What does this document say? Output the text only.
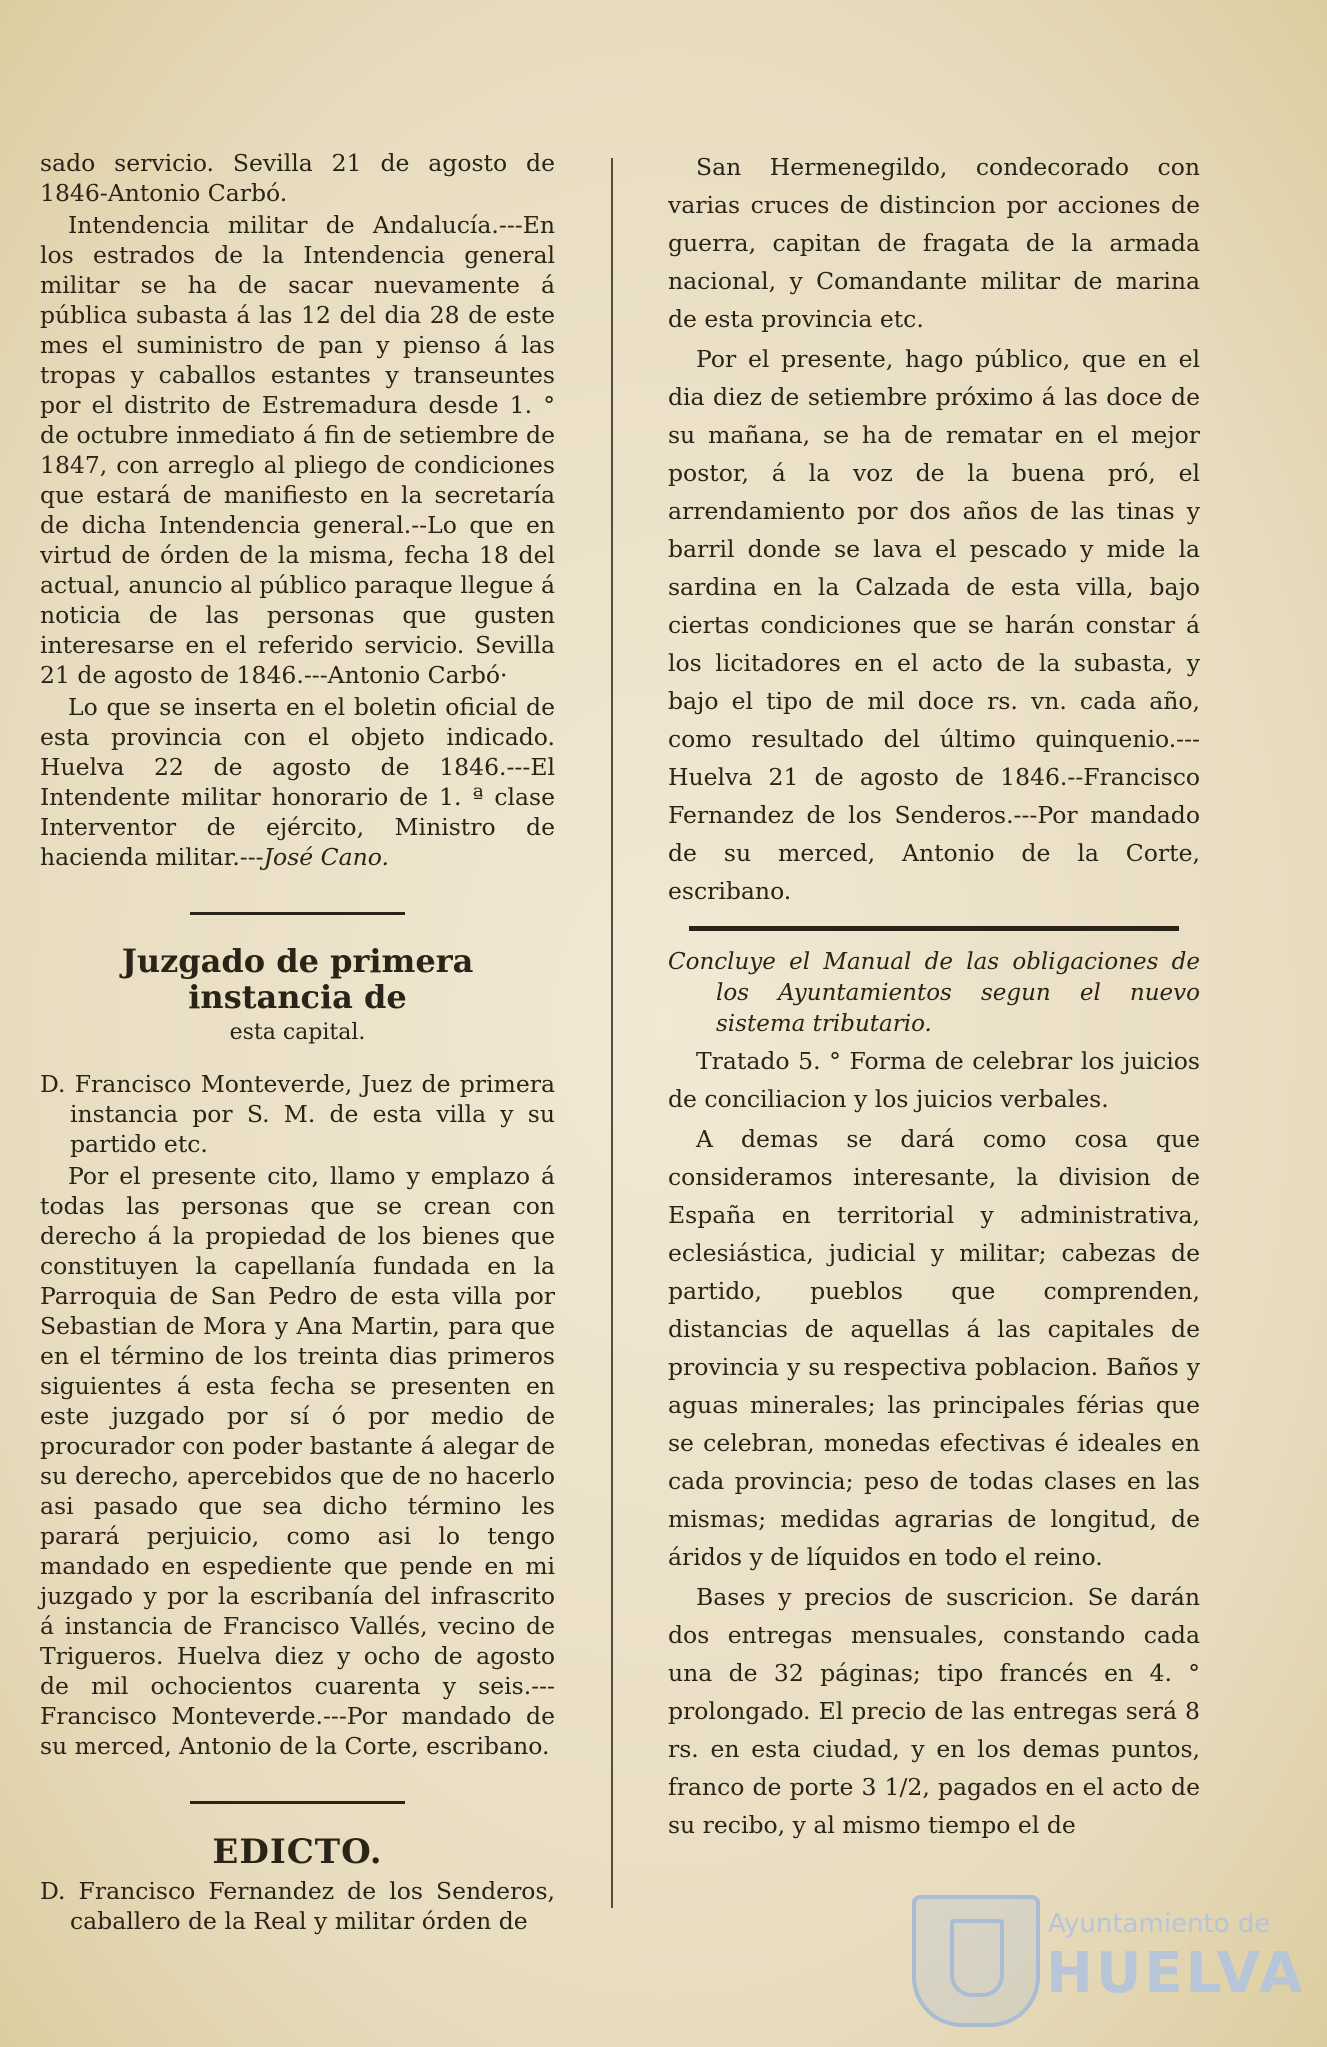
sado servicio. Sevilla 21 de agosto de 1846-Antonio Carbó.

Intendencia militar de Andalucía.---En los estrados de la Intendencia general militar se ha de sacar nuevamente á pública subasta á las 12 del dia 28 de este mes el suministro de pan y pienso á las tropas y caballos estantes y transeuntes por el distrito de Estremadura desde 1. ° de octubre inmediato á fin de setiembre de 1847, con arreglo al pliego de condiciones que estará de manifiesto en la secretaría de dicha Intendencia general.--Lo que en virtud de órden de la misma, fecha 18 del actual, anuncio al público paraque llegue á noticia de las personas que gusten interesarse en el referido servicio. Sevilla 21 de agosto de 1846.---Antonio Carbó·

Lo que se inserta en el boletin oficial de esta provincia con el objeto indicado. Huelva 22 de agosto de 1846.---El Intendente militar honorario de 1. ª clase Interventor de ejército, Ministro de hacienda militar.---José Cano.

Juzgado de primera instancia de
esta capital.

D. Francisco Monteverde, Juez de primera instancia por S. M. de esta villa y su partido etc.

Por el presente cito, llamo y emplazo á todas las personas que se crean con derecho á la propiedad de los bienes que constituyen la capellanía fundada en la Parroquia de San Pedro de esta villa por Sebastian de Mora y Ana Martin, para que en el término de los treinta dias primeros siguientes á esta fecha se presenten en este juzgado por sí ó por medio de procurador con poder bastante á alegar de su derecho, apercebidos que de no hacerlo asi pasado que sea dicho término les parará perjuicio, como asi lo tengo mandado en espediente que pende en mi juzgado y por la escribanía del infrascrito á instancia de Francisco Vallés, vecino de Trigueros. Huelva diez y ocho de agosto de mil ochocientos cuarenta y seis.---Francisco Monteverde.---Por mandado de su merced, Antonio de la Corte, escribano.

EDICTO.

D. Francisco Fernandez de los Senderos, caballero de la Real y militar órden de

San Hermenegildo, condecorado con varias cruces de distincion por acciones de guerra, capitan de fragata de la armada nacional, y Comandante militar de marina de esta provincia etc.

Por el presente, hago público, que en el dia diez de setiembre próximo á las doce de su mañana, se ha de rematar en el mejor postor, á la voz de la buena pró, el arrendamiento por dos años de las tinas y barril donde se lava el pescado y mide la sardina en la Calzada de esta villa, bajo ciertas condiciones que se harán constar á los licitadores en el acto de la subasta, y bajo el tipo de mil doce rs. vn. cada año, como resultado del último quinquenio.--- Huelva 21 de agosto de 1846.--Francisco Fernandez de los Senderos.---Por mandado de su merced, Antonio de la Corte, escribano.

Concluye el Manual de las obligaciones de los Ayuntamientos segun el nuevo sistema tributario.

Tratado 5. ° Forma de celebrar los juicios de conciliacion y los juicios verbales.

A demas se dará como cosa que consideramos interesante, la division de España en territorial y administrativa, eclesiástica, judicial y militar; cabezas de partido, pueblos que comprenden, distancias de aquellas á las capitales de provincia y su respectiva poblacion. Baños y aguas minerales; las principales férias que se celebran, monedas efectivas é ideales en cada provincia; peso de todas clases en las mismas; medidas agrarias de longitud, de áridos y de líquidos en todo el reino.

Bases y precios de suscricion. Se darán dos entregas mensuales, constando cada una de 32 páginas; tipo francés en 4. ° prolongado. El precio de las entregas será 8 rs. en esta ciudad, y en los demas puntos, franco de porte 3 1/2, pagados en el acto de su recibo, y al mismo tiempo el de

Ayuntamiento de
HUELVA
